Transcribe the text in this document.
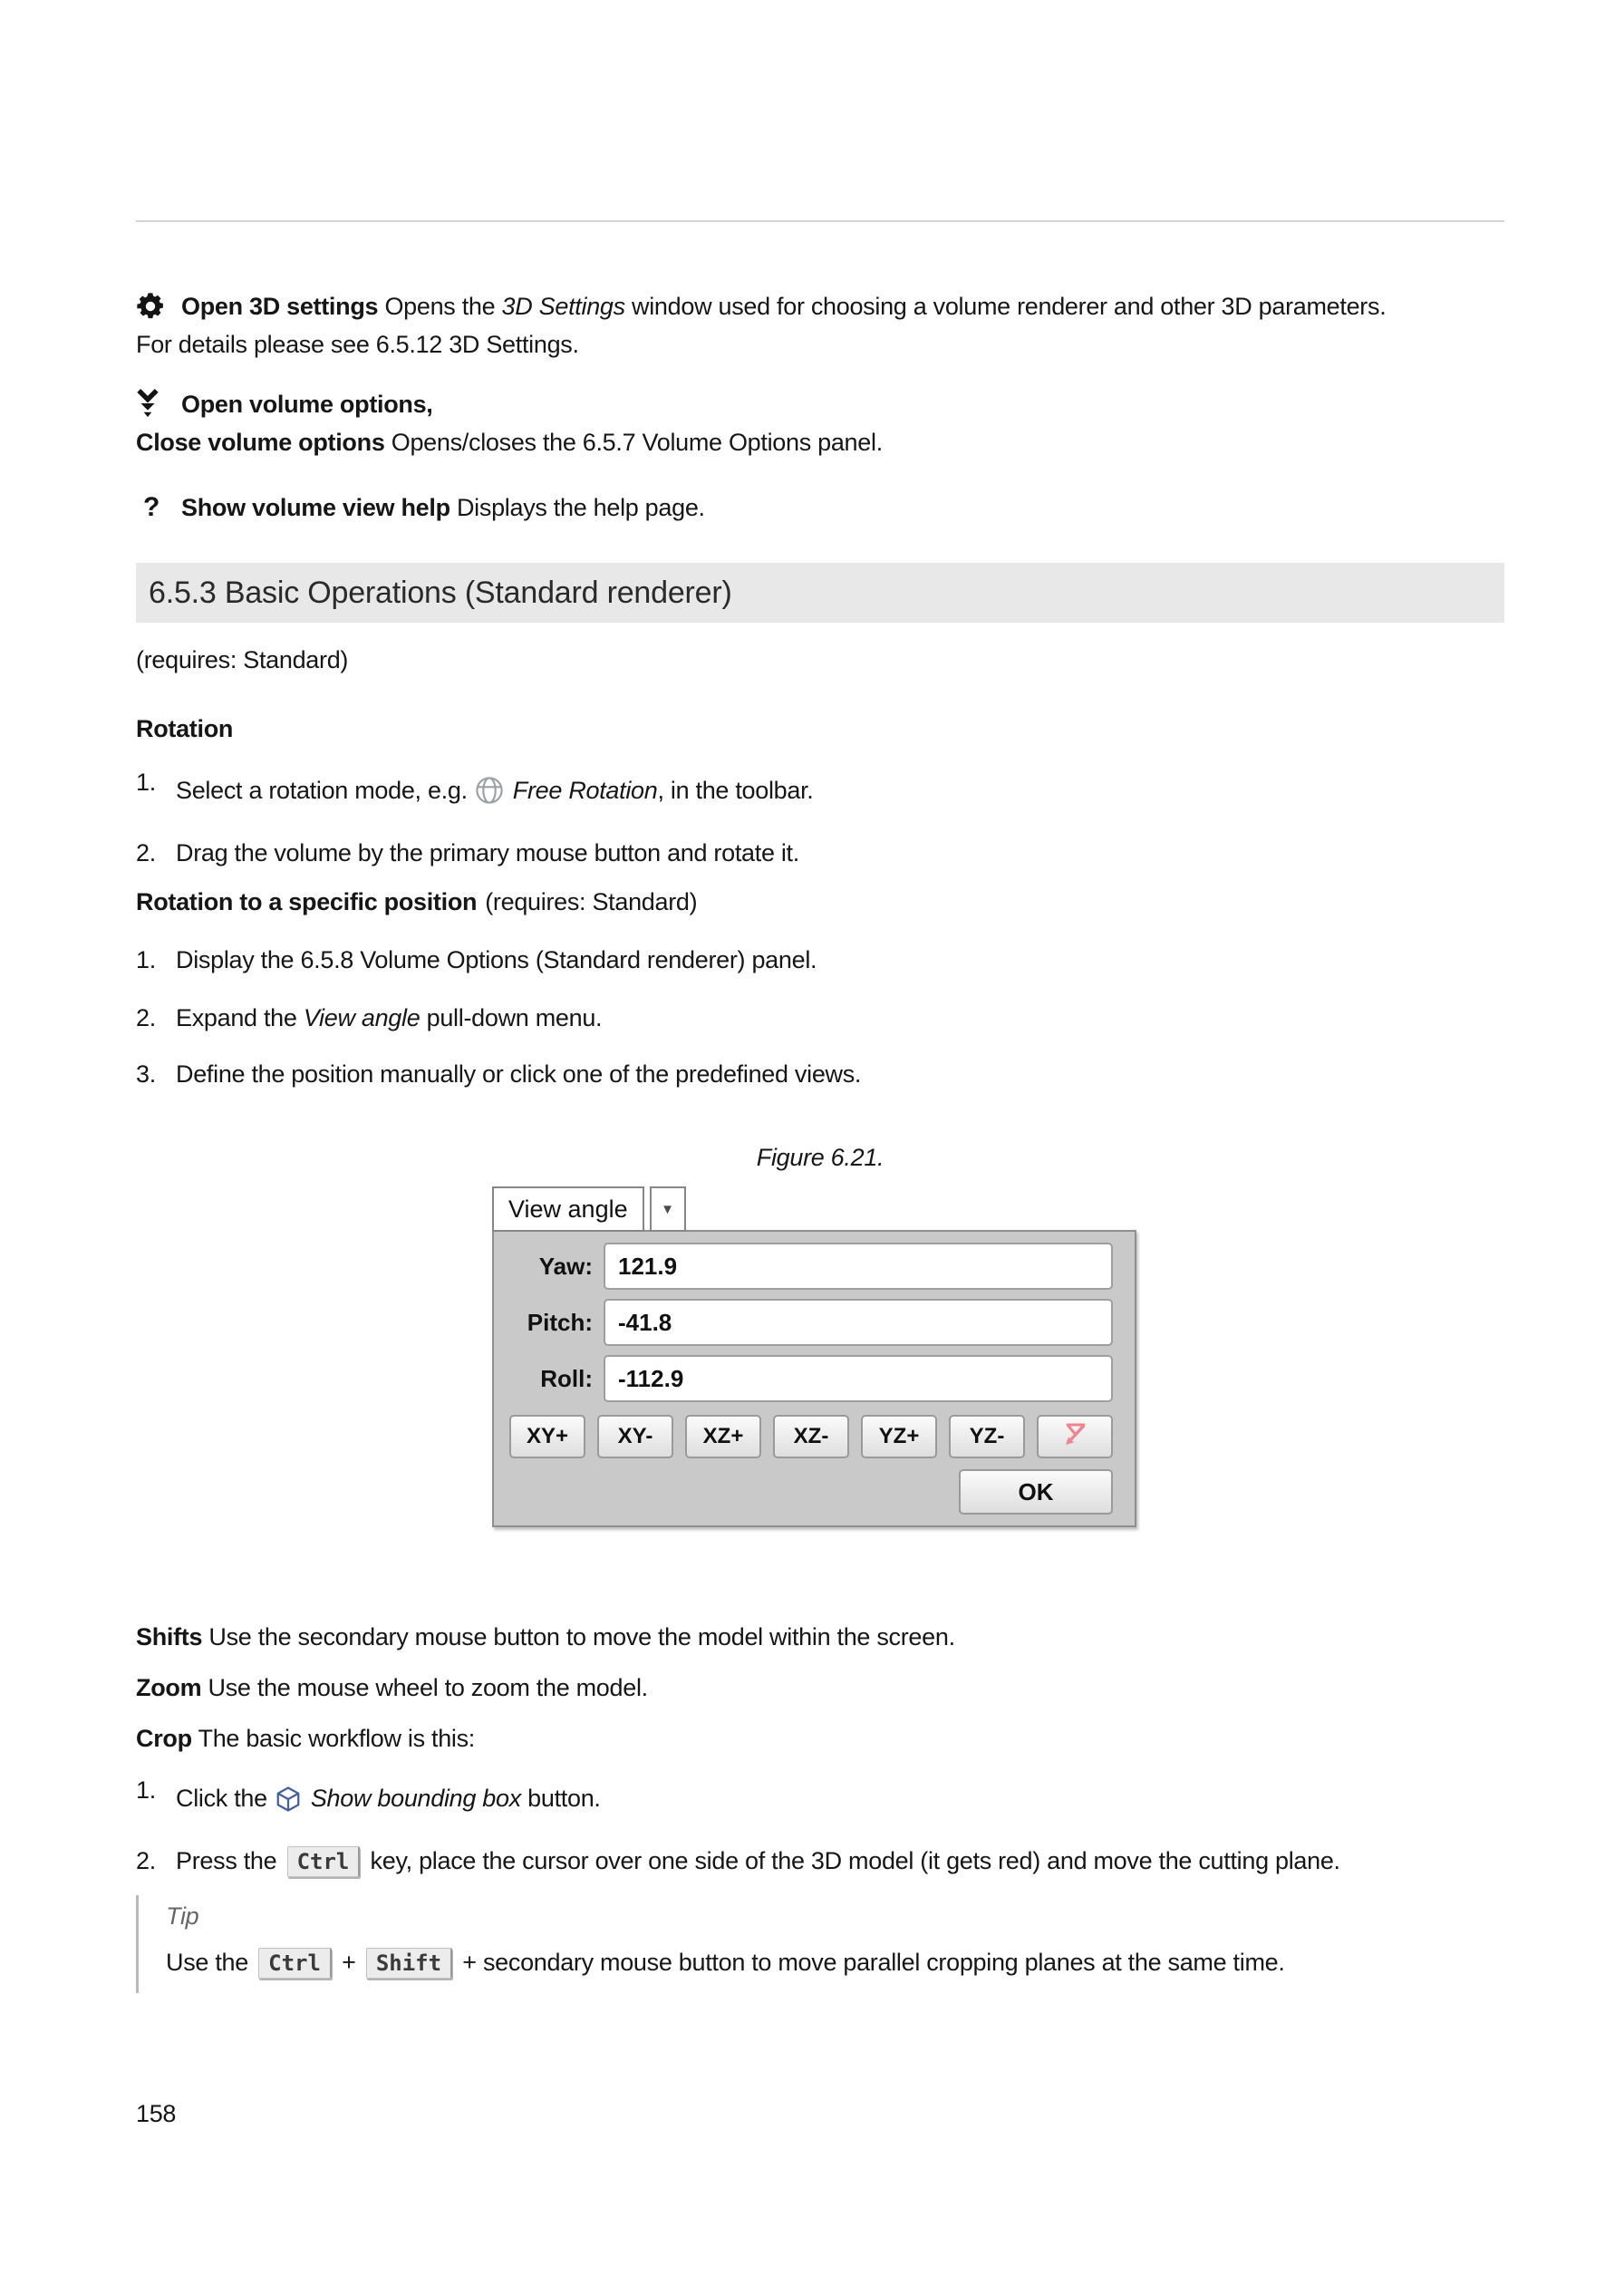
Open 3D settings Opens the 3D Settings window used for choosing a volume renderer and other 3D parameters.
For details please see 6.5.12 3D Settings.

Open volume options,
Close volume options Opens/closes the 6.5.7 Volume Options panel.

? Show volume view help Displays the help page.

6.5.3 Basic Operations (Standard renderer)

(requires: Standard)

Rotation

1. Select a rotation mode, e.g. Free Rotation, in the toolbar.
2. Drag the volume by the primary mouse button and rotate it.

Rotation to a specific position (requires: Standard)

1. Display the 6.5.8 Volume Options (Standard renderer) panel.
2. Expand the View angle pull-down menu.
3. Define the position manually or click one of the predefined views.
Figure 6.21.
View angle	▼
Yaw:	121.9
Pitch:	-41.8
Roll:	-112.9
XY+	XY-	XZ+	XZ-	YZ+	YZ-
OK

Shifts Use the secondary mouse button to move the model within the screen.

Zoom Use the mouse wheel to zoom the model.

Crop The basic workflow is this:

1. Click the Show bounding box button.
2. Press the Ctrl key, place the cursor over one side of the 3D model (it gets red) and move the cutting plane.
Tip

Use the Ctrl + Shift + secondary mouse button to move parallel cropping planes at the same time.

158
